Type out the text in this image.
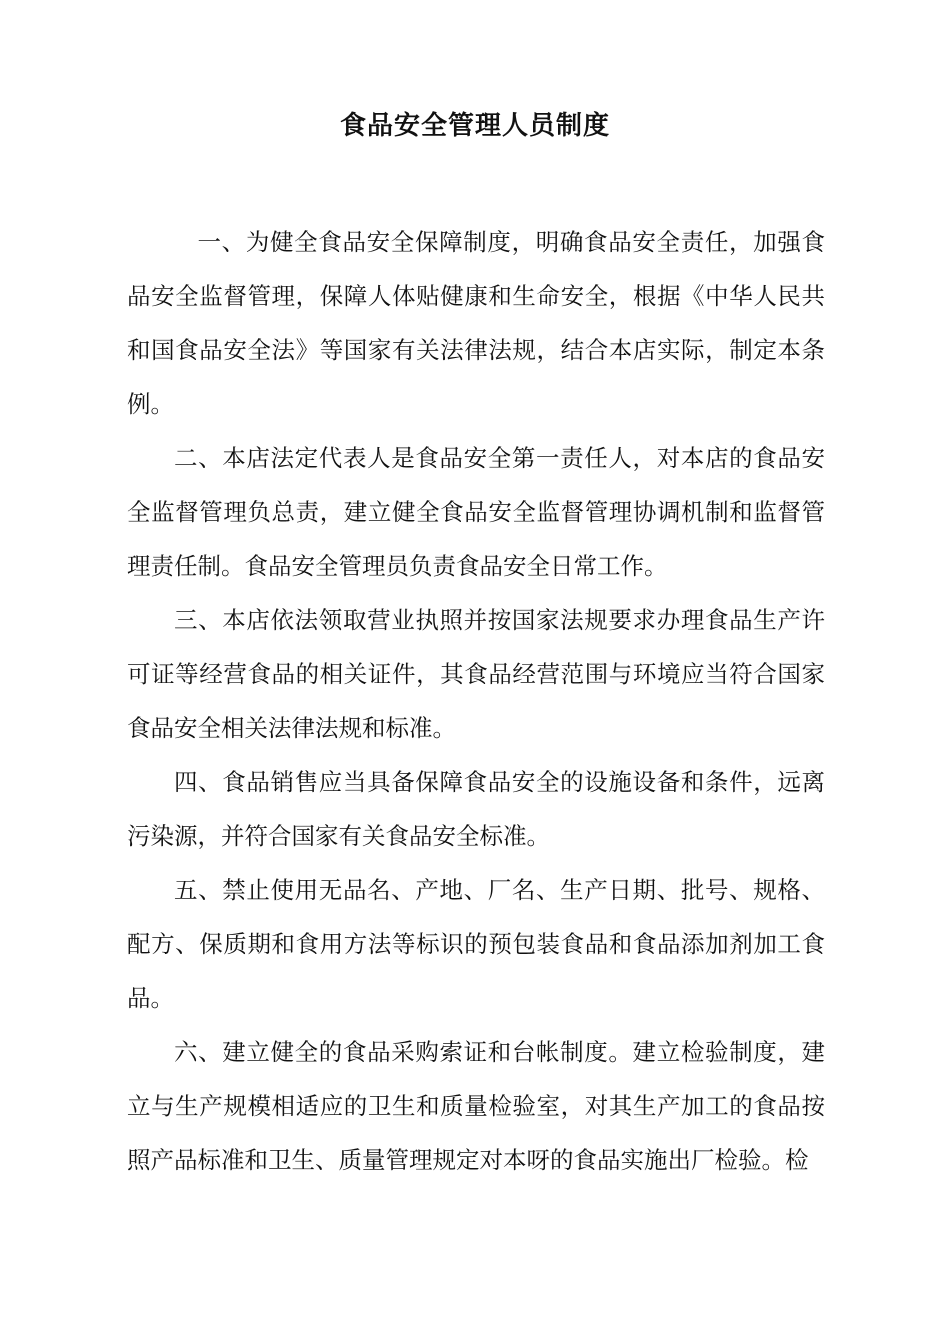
食品安全管理人员制度

一、为健全食品安全保障制度，明确食品安全责任，加强食品安全监督管理，保障人体贴健康和生命安全，根据《中华人民共和国食品安全法》等国家有关法律法规，结合本店实际，制定本条例。

二、本店法定代表人是食品安全第一责任人，对本店的食品安全监督管理负总责，建立健全食品安全监督管理协调机制和监督管理责任制。食品安全管理员负责食品安全日常工作。

三、本店依法领取营业执照并按国家法规要求办理食品生产许可证等经营食品的相关证件，其食品经营范围与环境应当符合国家食品安全相关法律法规和标准。

四、食品销售应当具备保障食品安全的设施设备和条件，远离污染源，并符合国家有关食品安全标准。

五、禁止使用无品名、产地、厂名、生产日期、批号、规格、配方、保质期和食用方法等标识的预包装食品和食品添加剂加工食品。

六、建立健全的食品采购索证和台帐制度。建立检验制度，建立与生产规模相适应的卫生和质量检验室，对其生产加工的食品按照产品标准和卫生、质量管理规定对本呀的食品实施出厂检验。检
